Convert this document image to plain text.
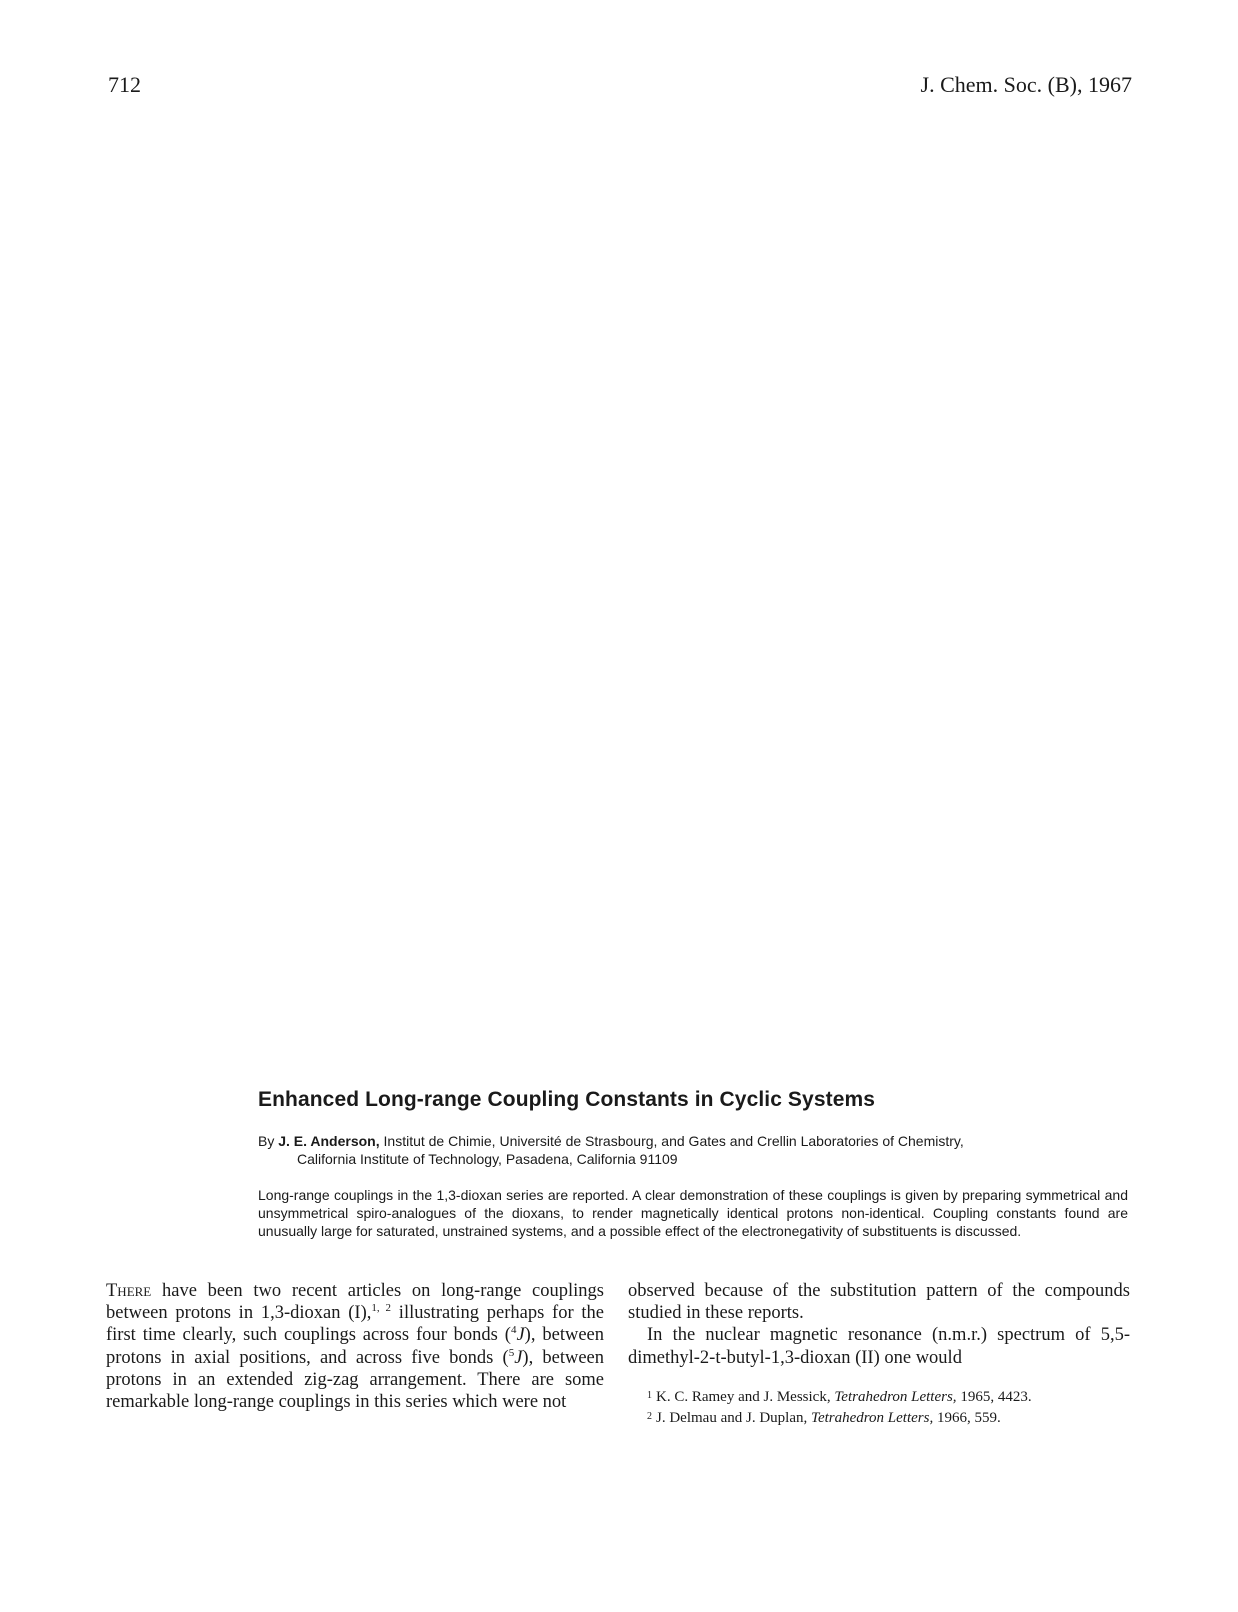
712	J. Chem. Soc. (B), 1967
Enhanced Long-range Coupling Constants in Cyclic Systems
By J. E. Anderson, Institut de Chimie, Université de Strasbourg, and Gates and Crellin Laboratories of Chemistry,
California Institute of Technology, Pasadena, California 91109
Long-range couplings in the 1,3-dioxan series are reported. A clear demonstration of these couplings is given by preparing symmetrical and unsymmetrical spiro-analogues of the dioxans, to render magnetically identical protons non-identical. Coupling constants found are unusually large for saturated, unstrained systems, and a possible effect of the electronegativity of substituents is discussed.

There have been two recent articles on long-range couplings between protons in 1,3-dioxan (I),$^{1, 2}$ illustrating perhaps for the first time clearly, such couplings across four bonds ($^4$J), between protons in axial positions, and across five bonds ($^5$J), between protons in an extended zig-zag arrangement. There are some remarkable long-range couplings in this series which were not

observed because of the substitution pattern of the compounds studied in these reports.

In the nuclear magnetic resonance (n.m.r.) spectrum of 5,5-dimethyl-2-t-butyl-1,3-dioxan (II) one would

$^1$ K. C. Ramey and J. Messick, Tetrahedron Letters, 1965, 4423.

$^2$ J. Delmau and J. Duplan, Tetrahedron Letters, 1966, 559.
